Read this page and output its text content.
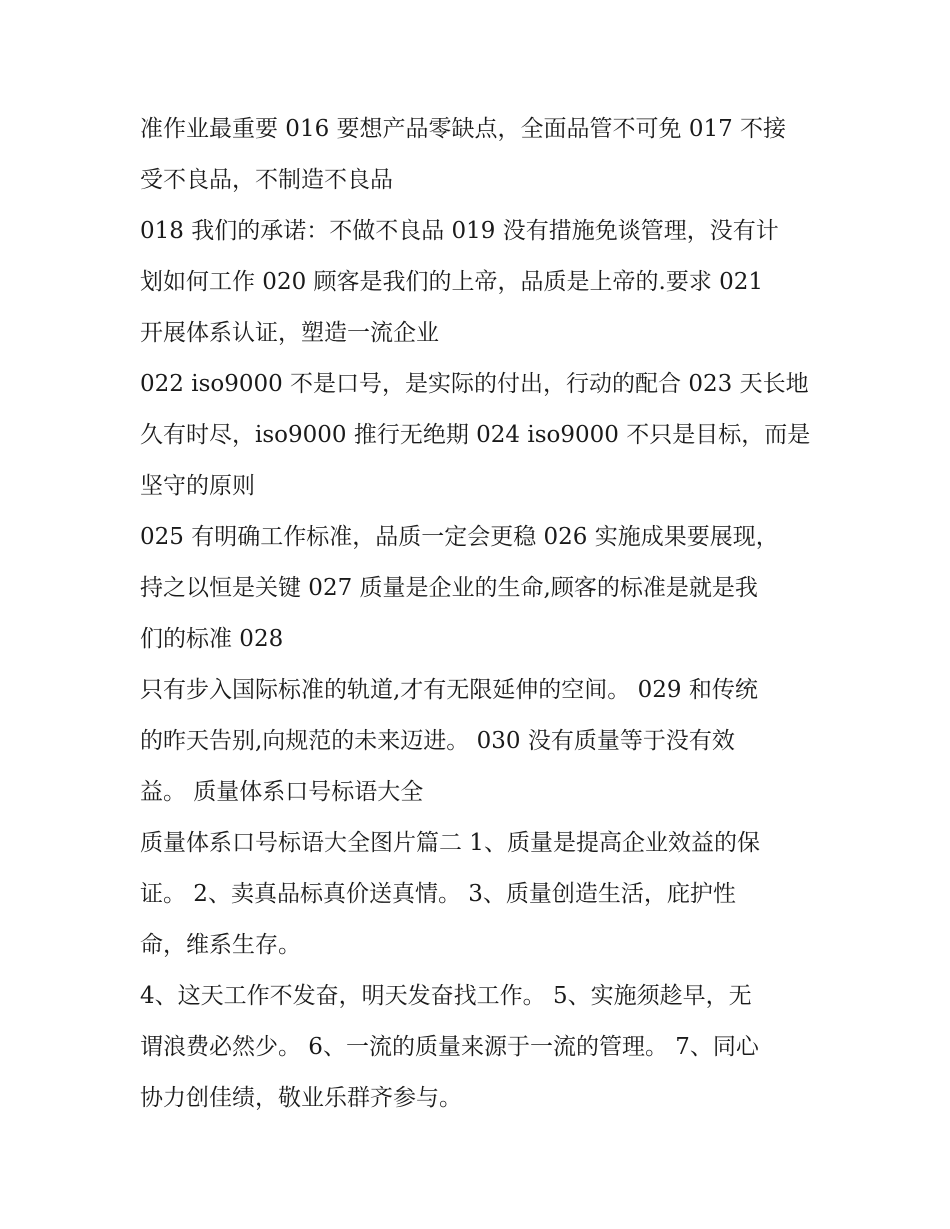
准作业最重要 016 要想产品零缺点，全面品管不可免 017 不接
受不良品，不制造不良品
018 我们的承诺：不做不良品 019 没有措施免谈管理，没有计
划如何工作 020 顾客是我们的上帝，品质是上帝的.要求 021
开展体系认证，塑造一流企业
022 iso9000 不是口号，是实际的付出，行动的配合 023 天长地
久有时尽，iso9000 推行无绝期 024 iso9000 不只是目标，而是
坚守的原则
025 有明确工作标准，品质一定会更稳 026 实施成果要展现，
持之以恒是关键 027 质量是企业的生命,顾客的标准是就是我
们的标准 028
只有步入国际标准的轨道,才有无限延伸的空间。 029 和传统
的昨天告别,向规范的未来迈进。 030 没有质量等于没有效
益。 质量体系口号标语大全
质量体系口号标语大全图片篇二 1、质量是提高企业效益的保
证。 2、卖真品标真价送真情。 3、质量创造生活，庇护性
命，维系生存。
4、这天工作不发奋，明天发奋找工作。 5、实施须趁早，无
谓浪费必然少。 6、一流的质量来源于一流的管理。 7、同心
协力创佳绩，敬业乐群齐参与。
